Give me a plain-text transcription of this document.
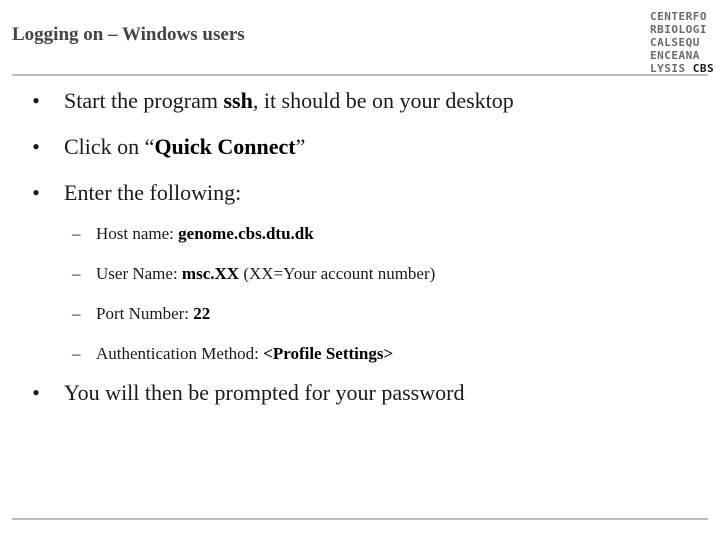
Logging on – Windows users
CENTERFO
RBIOLOGI
CALSEQU
ENCEANA
LYSIS CBS
• Start the program ssh, it should be on your desktop
• Click on “Quick Connect”
• Enter the following:
– Host name: genome.cbs.dtu.dk
– User Name: msc.XX (XX=Your account number)
– Port Number: 22
– Authentication Method: <Profile Settings>
• You will then be prompted for your password
